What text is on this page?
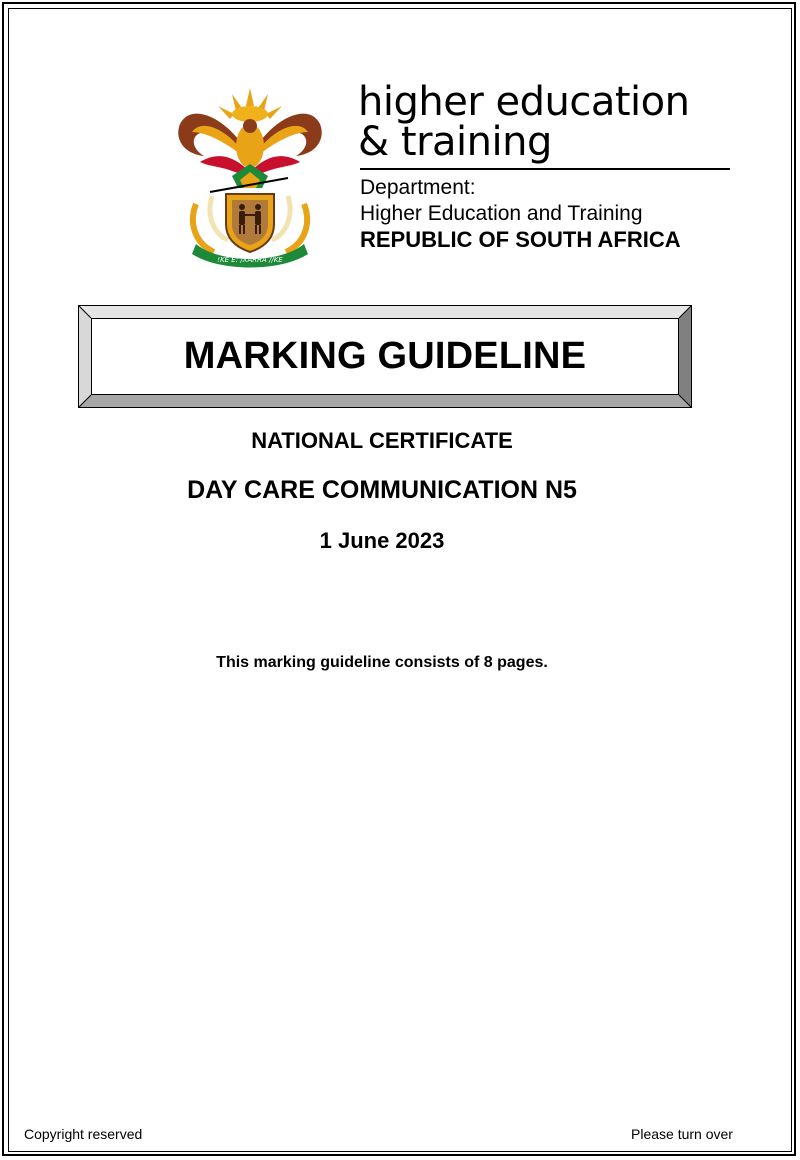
!KE E: /XARRA //KE
higher education
& training
Department:
Higher Education and Training
REPUBLIC OF SOUTH AFRICA
MARKING GUIDELINE
NATIONAL CERTIFICATE
DAY CARE COMMUNICATION N5
1 June 2023
This marking guideline consists of 8 pages.
Copyright reserved	Please turn over
